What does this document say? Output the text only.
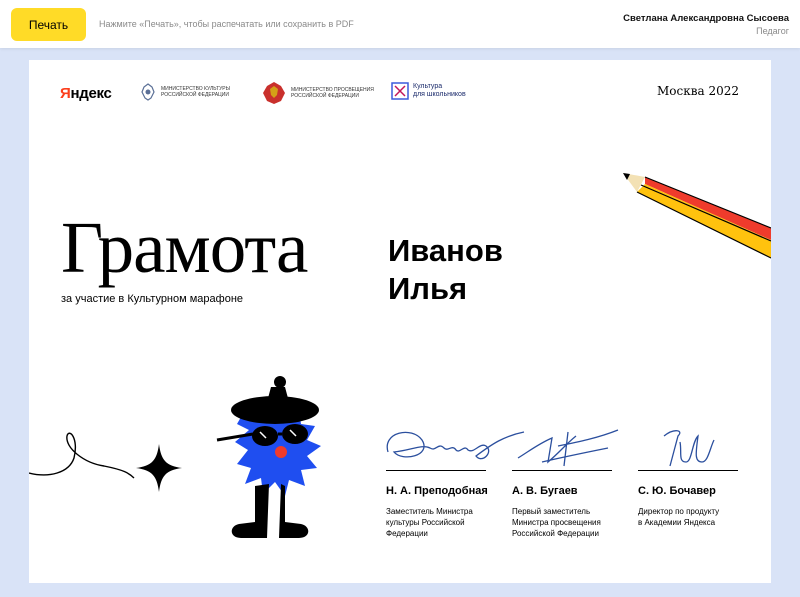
Печать	Нажмите «Печать», чтобы распечатать или сохранить в PDF	Светлана Александровна Сысоева
Педагог
Яндекс	МИНИСТЕРСТВО КУЛЬТУРЫ
РОССИЙСКОЙ ФЕДЕРАЦИИ
МИНИСТЕРСТВО ПРОСВЕЩЕНИЯ
РОССИЙСКОЙ ФЕДЕРАЦИИ
Культура
для школьников	Москва 2022
Грамота
за участие в Культурном марафоне
Иванов
Илья
Н. А. Преподобная
Заместитель Министра
культуры Российской
Федерации
А. В. Бугаев
Первый заместитель
Министра просвещения
Российской Федерации
С. Ю. Бочавер
Директор по продукту
в Академии Яндекса
